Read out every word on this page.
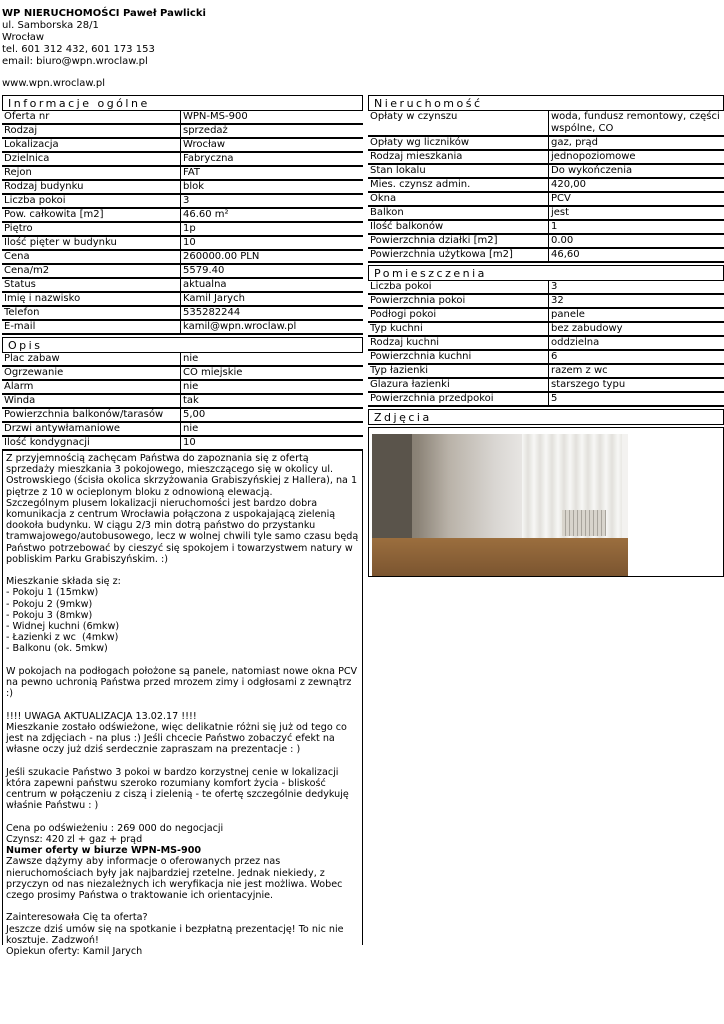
WP NIERUCHOMOŚCI Paweł Pawlicki
ul. Samborska 28/1
Wrocław
tel. 601 312 432, 601 173 153
email: biuro@wpn.wroclaw.pl
www.wpn.wroclaw.pl
Informacje ogólne
Oferta nr	WPN-MS-900
Rodzaj	sprzedaż
Lokalizacja	Wrocław
Dzielnica	Fabryczna
Rejon	FAT
Rodzaj budynku	blok
Liczba pokoi	3
Pow. całkowita [m2]	46.60 m²
Piętro	1p
Ilość pięter w budynku	10
Cena	260000.00 PLN
Cena/m2	5579.40
Status	aktualna
Imię i nazwisko	Kamil Jarych
Telefon	535282244
E-mail	kamil@wpn.wroclaw.pl
Opis
Plac zabaw	nie
Ogrzewanie	CO miejskie
Alarm	nie
Winda	tak
Powierzchnia balkonów/tarasów	5,00
Drzwi antywłamaniowe	nie
Ilość kondygnacji	10
Z przyjemnością zachęcam Państwa do zapoznania się z ofertą sprzedaży mieszkania 3 pokojowego, mieszczącego się w okolicy ul. Ostrowskiego (ścisła okolica skrzyżowania Grabiszyńskiej z Hallera), na 1 piętrze z 10 w ocieplonym bloku z odnowioną elewacją.
Szczególnym plusem lokalizacji nieruchomości jest bardzo dobra komunikacja z centrum Wrocławia połączona z uspokajającą zielenią dookoła budynku. W ciągu 2/3 min dotrą państwo do przystanku tramwajowego/autobusowego, lecz w wolnej chwili tyle samo czasu będą Państwo potrzebować by cieszyć się spokojem i towarzystwem natury w pobliskim Parku Grabiszyńskim. :)

Mieszkanie składa się z:
- Pokoju 1 (15mkw)
- Pokoju 2 (9mkw)
- Pokoju 3 (8mkw)
- Widnej kuchni (6mkw)
- Łazienki z wc  (4mkw)
- Balkonu (ok. 5mkw)

W pokojach na podłogach położone są panele, natomiast nowe okna PCV na pewno uchronią Państwa przed mrozem zimy i odgłosami z zewnątrz :)

!!!! UWAGA AKTUALIZACJA 13.02.17 !!!!
Mieszkanie zostało odświeżone, więc delikatnie różni się już od tego co jest na zdjęciach - na plus :) Jeśli chcecie Państwo zobaczyć efekt na własne oczy już dziś serdecznie zapraszam na prezentacje : )

Jeśli szukacie Państwo 3 pokoi w bardzo korzystnej cenie w lokalizacji która zapewni państwu szeroko rozumiany komfort życia - bliskość centrum w połączeniu z ciszą i zielenią - te ofertę szczególnie dedykuję właśnie Państwu : )

Cena po odświeżeniu : 269 000 do negocjacji
Czynsz: 420 zl + gaz + prąd
Numer oferty w biurze WPN-MS-900
Zawsze dążymy aby informacje o oferowanych przez nas nieruchomościach były jak najbardziej rzetelne. Jednak niekiedy, z przyczyn od nas niezależnych ich weryfikacja nie jest możliwa. Wobec czego prosimy Państwa o traktowanie ich orientacyjnie.

Zainteresowała Cię ta oferta?
Jeszcze dziś umów się na spotkanie i bezpłatną prezentację! To nic nie kosztuje. Zadzwoń!
Opiekun oferty: Kamil Jarych
Nieruchomość
Opłaty w czynszu	woda, fundusz remontowy, części wspólne, CO
Opłaty wg liczników	gaz, prąd
Rodzaj mieszkania	jednopoziomowe
Stan lokalu	Do wykończenia
Mies. czynsz admin.	420,00
Okna	PCV
Balkon	jest
Ilość balkonów	1
Powierzchnia działki [m2]	0.00
Powierzchnia użytkowa [m2]	46,60
Pomieszczenia
Liczba pokoi	3
Powierzchnia pokoi	32
Podłogi pokoi	panele
Typ kuchni	bez zabudowy
Rodzaj kuchni	oddzielna
Powierzchnia kuchni	6
Typ łazienki	razem z wc
Glazura łazienki	starszego typu
Powierzchnia przedpokoi	5
Zdjęcia
